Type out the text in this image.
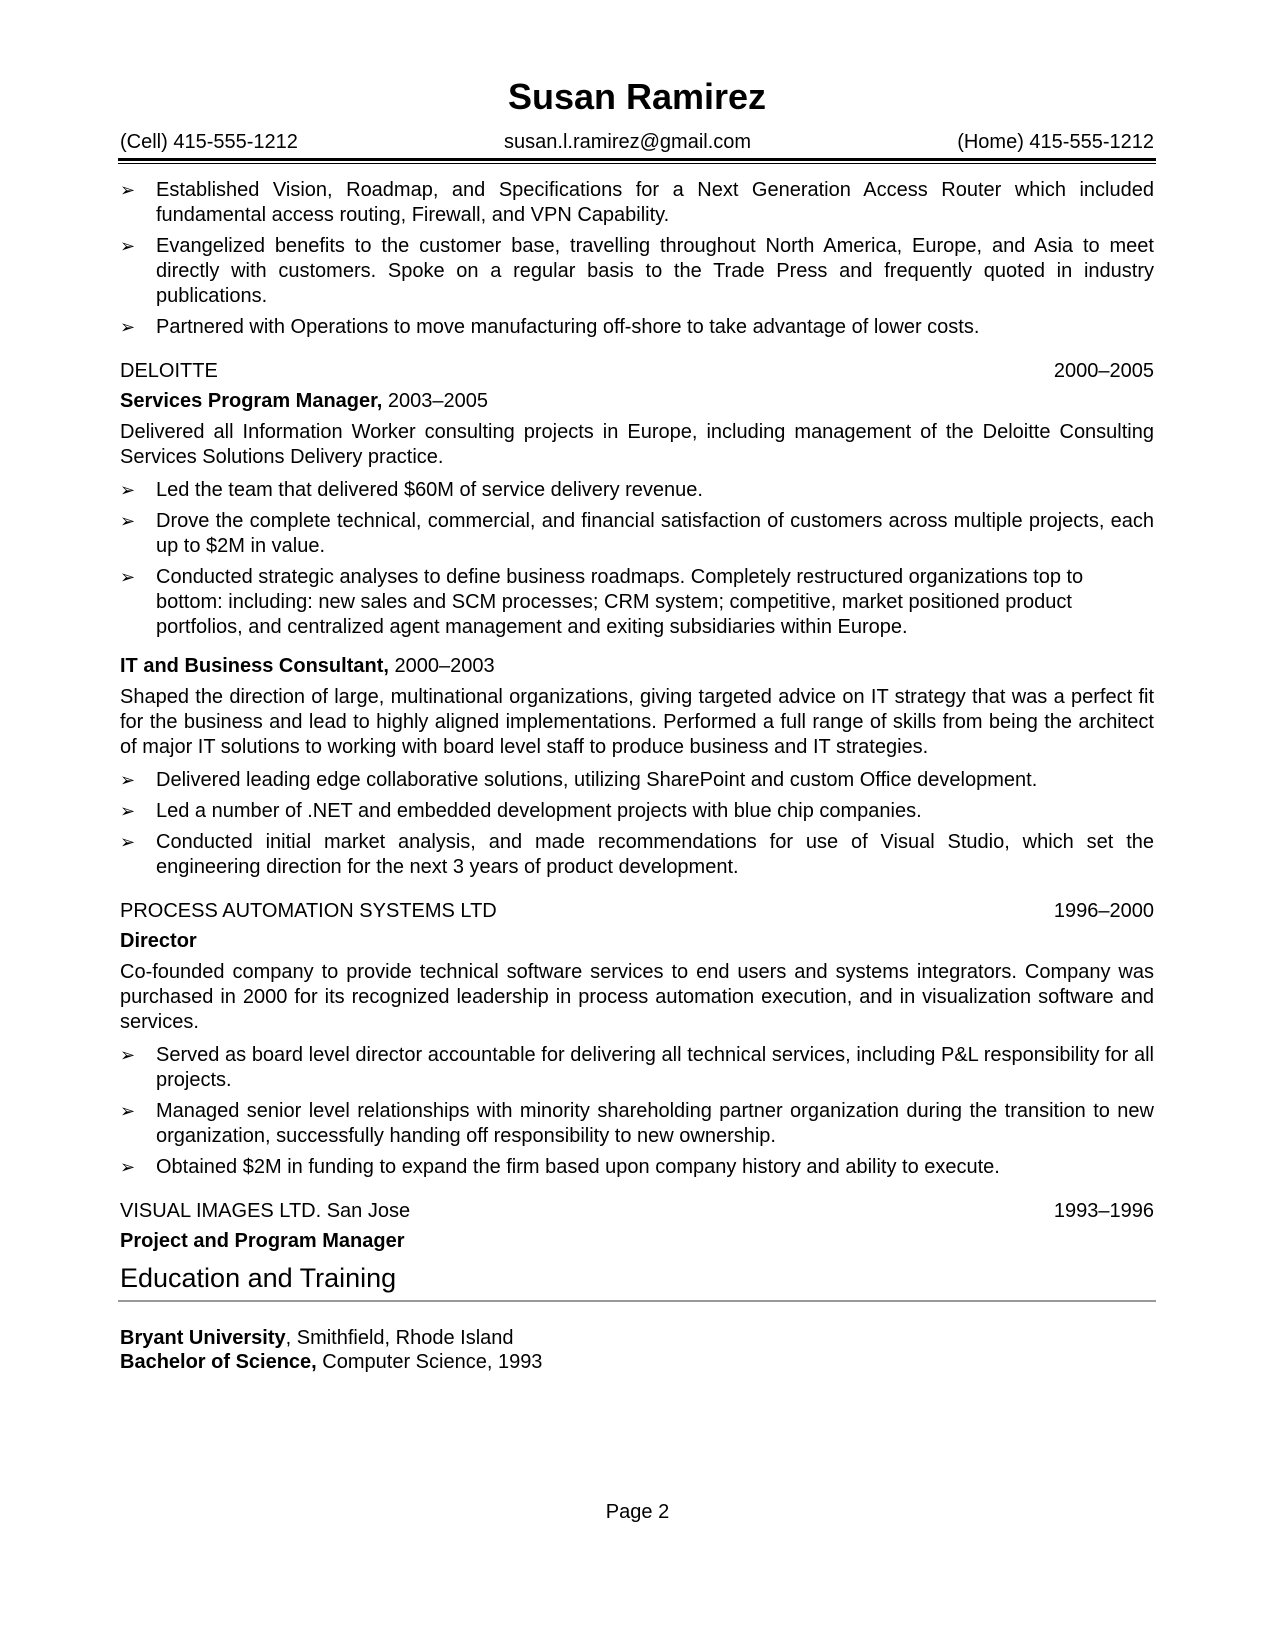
Susan Ramirez
(Cell) 415-555-1212	susan.l.ramirez@gmail.com	(Home) 415-555-1212
➢ Established Vision, Roadmap, and Specifications for a Next Generation Access Router which included fundamental access routing, Firewall, and VPN Capability.
➢ Evangelized benefits to the customer base, travelling throughout North America, Europe, and Asia to meet directly with customers. Spoke on a regular basis to the Trade Press and frequently quoted in industry publications.
➢ Partnered with Operations to move manufacturing off-shore to take advantage of lower costs.
DELOITTE	2000–2005
Services Program Manager, 2003–2005
Delivered all Information Worker consulting projects in Europe, including management of the Deloitte Consulting Services Solutions Delivery practice.
➢ Led the team that delivered $60M of service delivery revenue.
➢ Drove the complete technical, commercial, and financial satisfaction of customers across multiple projects, each up to $2M in value.
➢ Conducted strategic analyses to define business roadmaps. Completely restructured organizations top to bottom: including: new sales and SCM processes; CRM system; competitive, market positioned product portfolios, and centralized agent management and exiting subsidiaries within Europe.
IT and Business Consultant, 2000–2003
Shaped the direction of large, multinational organizations, giving targeted advice on IT strategy that was a perfect fit for the business and lead to highly aligned implementations. Performed a full range of skills from being the architect of major IT solutions to working with board level staff to produce business and IT strategies.
➢ Delivered leading edge collaborative solutions, utilizing SharePoint and custom Office development.
➢ Led a number of .NET and embedded development projects with blue chip companies.
➢ Conducted initial market analysis, and made recommendations for use of Visual Studio, which set the engineering direction for the next 3 years of product development.
PROCESS AUTOMATION SYSTEMS LTD	1996–2000
Director
Co-founded company to provide technical software services to end users and systems integrators. Company was purchased in 2000 for its recognized leadership in process automation execution, and in visualization software and services.
➢ Served as board level director accountable for delivering all technical services, including P&L responsibility for all projects.
➢ Managed senior level relationships with minority shareholding partner organization during the transition to new organization, successfully handing off responsibility to new ownership.
➢ Obtained $2M in funding to expand the firm based upon company history and ability to execute.
VISUAL IMAGES LTD. San Jose	1993–1996
Project and Program Manager
Education and Training
Bryant University, Smithfield, Rhode Island
Bachelor of Science, Computer Science, 1993
Page 2
